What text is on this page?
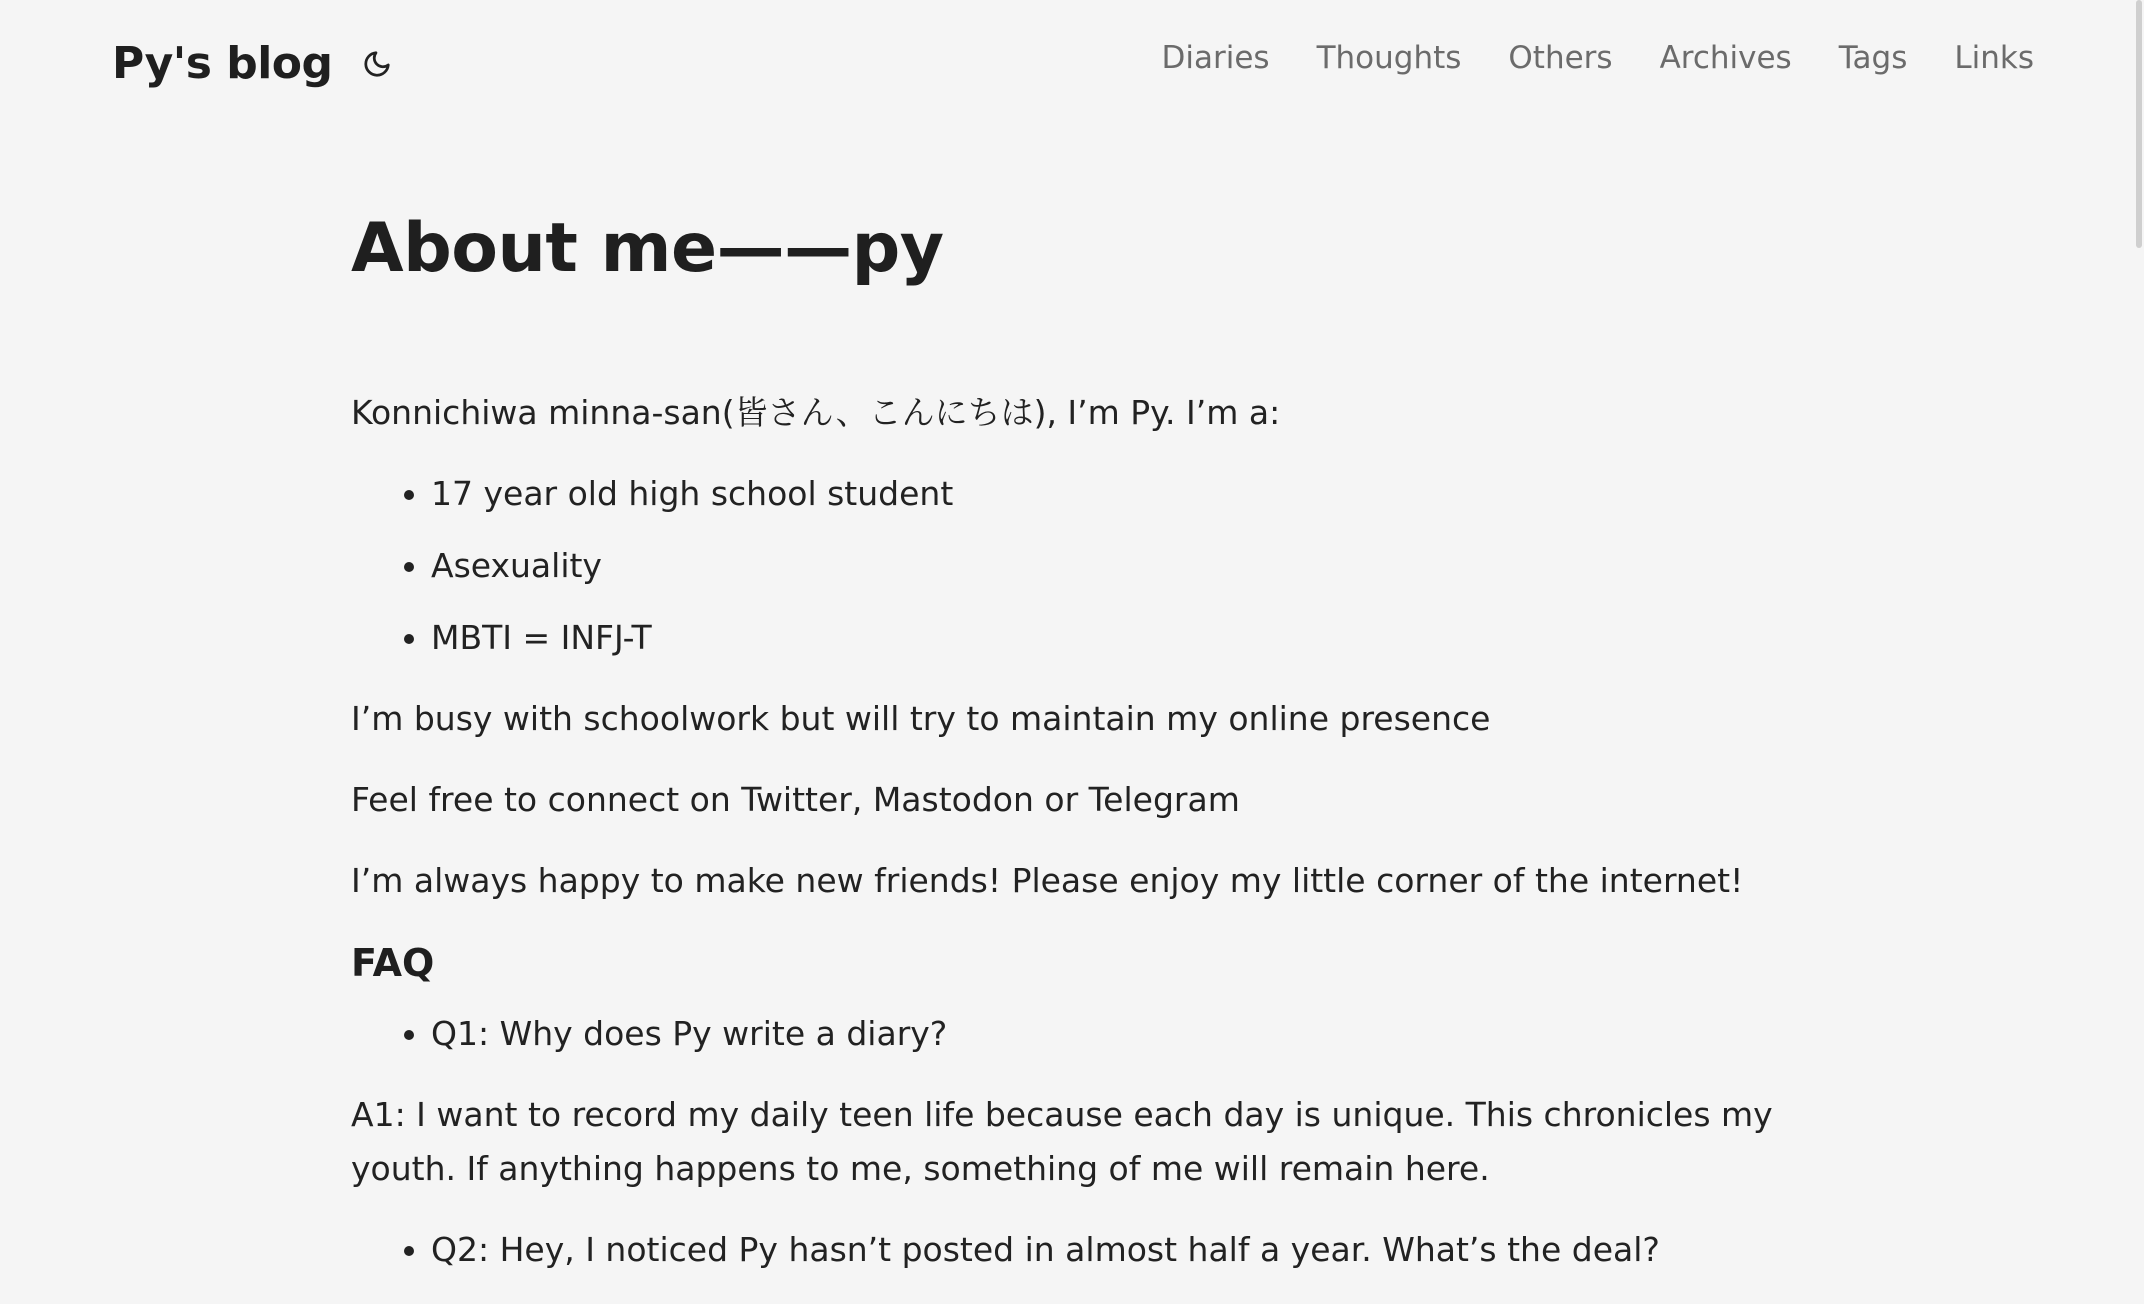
Py's blog	Diaries Thoughts Others Archives Tags Links
About me——py

Konnichiwa minna-san(皆さん、こんにちは), I’m Py. I’m a:

• 17 year old high school student
• Asexuality
• MBTI = INFJ-T

I’m busy with schoolwork but will try to maintain my online presence

Feel free to connect on Twitter, Mastodon or Telegram

I’m always happy to make new friends! Please enjoy my little corner of the internet!

FAQ
• Q1: Why does Py write a diary?

A1: I want to record my daily teen life because each day is unique. This chronicles my youth. If anything happens to me, something of me will remain here.

• Q2: Hey, I noticed Py hasn’t posted in almost half a year. What’s the deal?
